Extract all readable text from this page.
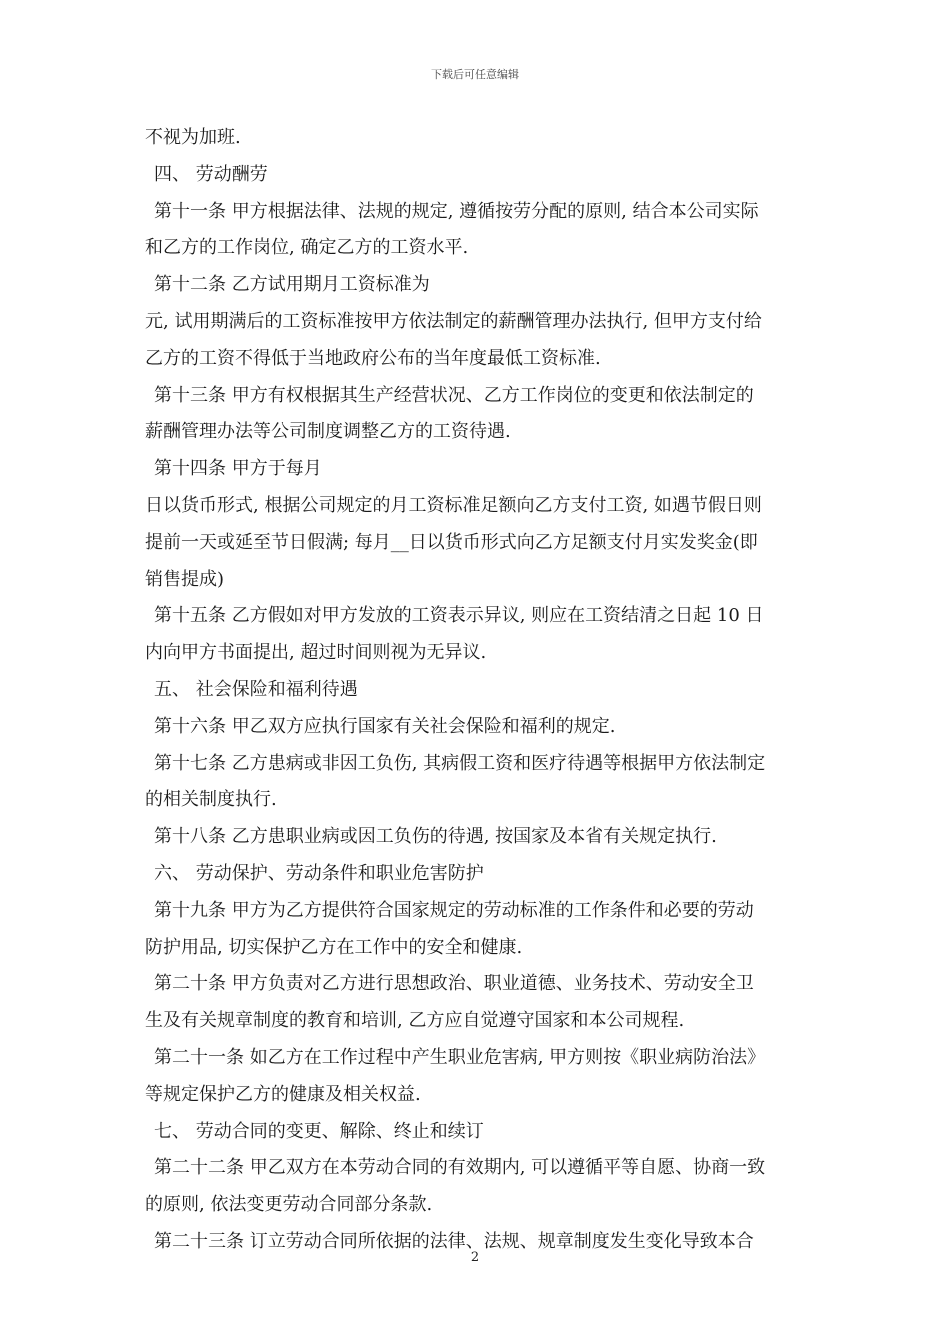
下载后可任意编辑
不视为加班.
四、 劳动酬劳
第十一条 甲方根据法律、法规的规定, 遵循按劳分配的原则, 结合本公司实际
和乙方的工作岗位, 确定乙方的工资水平.
第十二条 乙方试用期月工资标准为
元, 试用期满后的工资标准按甲方依法制定的薪酬管理办法执行, 但甲方支付给
乙方的工资不得低于当地政府公布的当年度最低工资标准.
第十三条 甲方有权根据其生产经营状况、乙方工作岗位的变更和依法制定的
薪酬管理办法等公司制度调整乙方的工资待遇.
第十四条 甲方于每月
日以货币形式, 根据公司规定的月工资标准足额向乙方支付工资, 如遇节假日则
提前一天或延至节日假满; 每月__日以货币形式向乙方足额支付月实发奖金(即
销售提成)
第十五条 乙方假如对甲方发放的工资表示异议, 则应在工资结清之日起 10 日
内向甲方书面提出, 超过时间则视为无异议.
五、 社会保险和福利待遇
第十六条 甲乙双方应执行国家有关社会保险和福利的规定.
第十七条 乙方患病或非因工负伤, 其病假工资和医疗待遇等根据甲方依法制定
的相关制度执行.
第十八条 乙方患职业病或因工负伤的待遇, 按国家及本省有关规定执行.
六、 劳动保护、劳动条件和职业危害防护
第十九条 甲方为乙方提供符合国家规定的劳动标准的工作条件和必要的劳动
防护用品, 切实保护乙方在工作中的安全和健康.
第二十条 甲方负责对乙方进行思想政治、职业道德、业务技术、劳动安全卫
生及有关规章制度的教育和培训, 乙方应自觉遵守国家和本公司规程.
第二十一条 如乙方在工作过程中产生职业危害病, 甲方则按《职业病防治法》
等规定保护乙方的健康及相关权益.
七、 劳动合同的变更、解除、终止和续订
第二十二条 甲乙双方在本劳动合同的有效期内, 可以遵循平等自愿、协商一致
的原则, 依法变更劳动合同部分条款.
第二十三条 订立劳动合同所依据的法律、法规、规章制度发生变化导致本合
2
